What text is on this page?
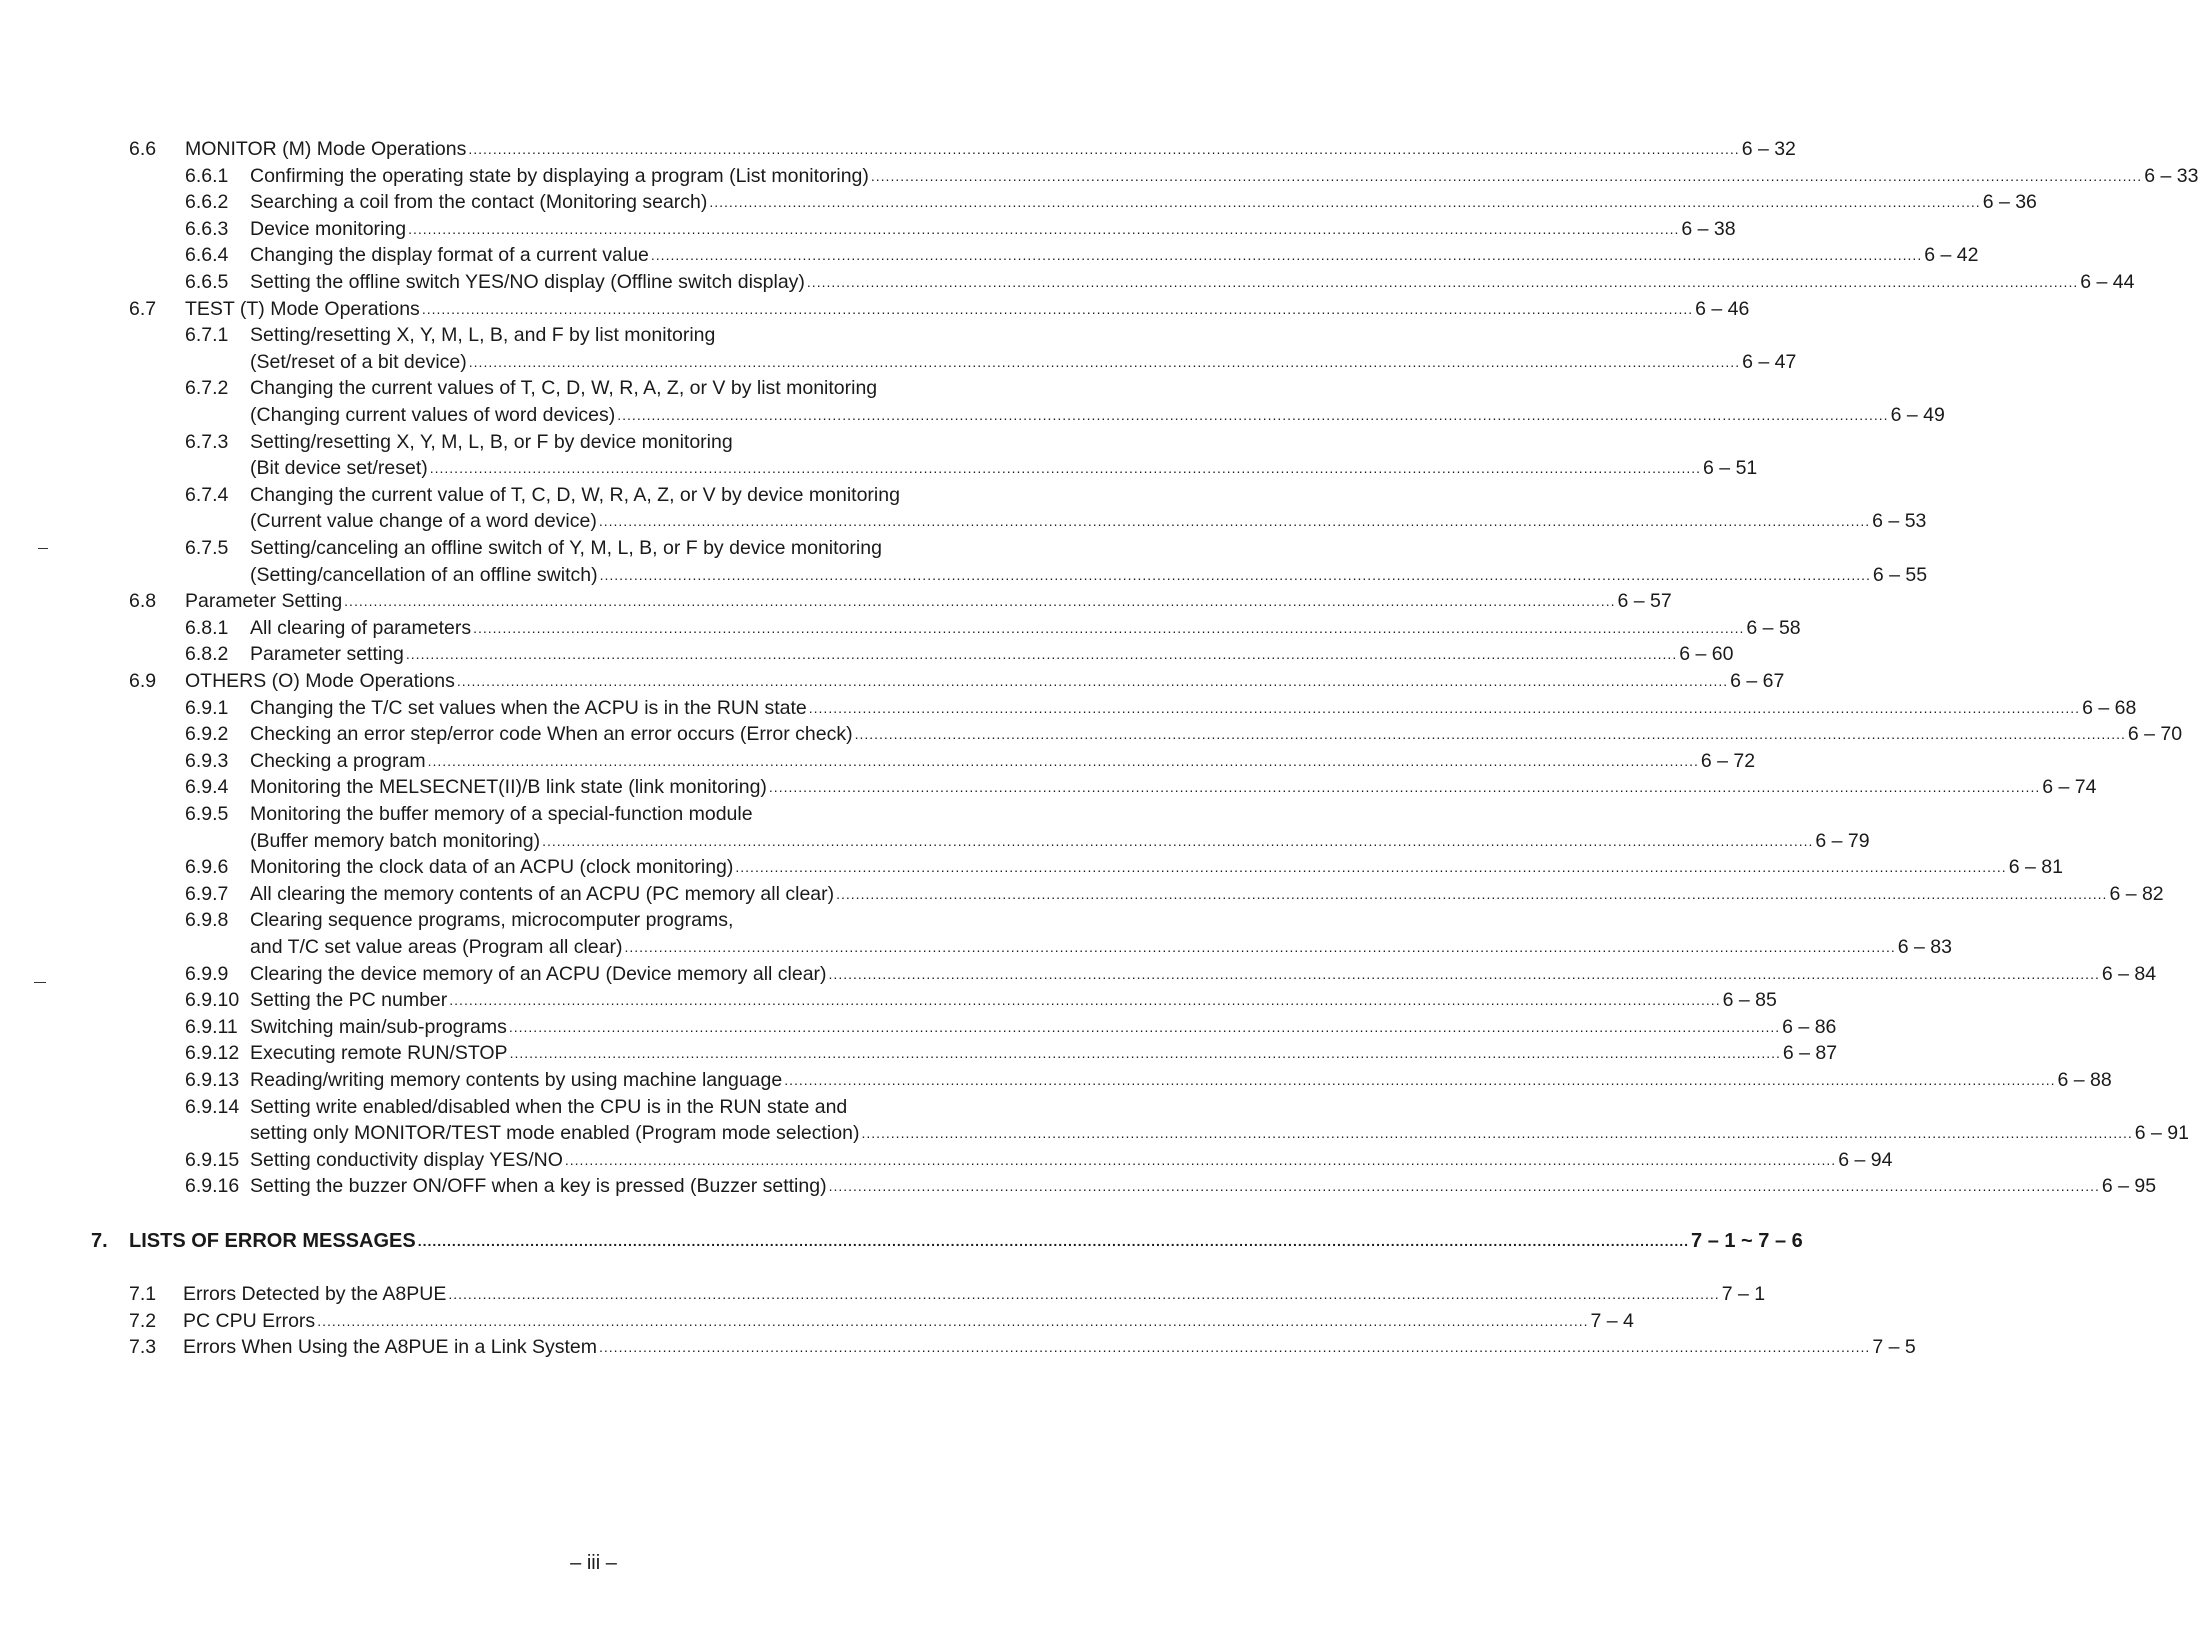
6.6 MONITOR (M) Mode Operations .................................................................................................................................................................................................................................................................... 6 – 32
6.6.1 Confirming the operating state by displaying a program (List monitoring) .................................................................................................................................................................................................................................................................... 6 – 33
6.6.2 Searching a coil from the contact (Monitoring search) .................................................................................................................................................................................................................................................................... 6 – 36
6.6.3 Device monitoring .................................................................................................................................................................................................................................................................... 6 – 38
6.6.4 Changing the display format of a current value .................................................................................................................................................................................................................................................................... 6 – 42
6.6.5 Setting the offline switch YES/NO display (Offline switch display) .................................................................................................................................................................................................................................................................... 6 – 44
6.7 TEST (T) Mode Operations .................................................................................................................................................................................................................................................................... 6 – 46
6.7.1 Setting/resetting X, Y, M, L, B, and F by list monitoring
(Set/reset of a bit device) .................................................................................................................................................................................................................................................................... 6 – 47
6.7.2 Changing the current values of T, C, D, W, R, A, Z, or V by list monitoring
(Changing current values of word devices) .................................................................................................................................................................................................................................................................... 6 – 49
6.7.3 Setting/resetting X, Y, M, L, B, or F by device monitoring
(Bit device set/reset) .................................................................................................................................................................................................................................................................... 6 – 51
6.7.4 Changing the current value of T, C, D, W, R, A, Z, or V by device monitoring
(Current value change of a word device) .................................................................................................................................................................................................................................................................... 6 – 53
6.7.5 Setting/canceling an offline switch of Y, M, L, B, or F by device monitoring
(Setting/cancellation of an offline switch) .................................................................................................................................................................................................................................................................... 6 – 55
6.8 Parameter Setting .................................................................................................................................................................................................................................................................... 6 – 57
6.8.1 All clearing of parameters .................................................................................................................................................................................................................................................................... 6 – 58
6.8.2 Parameter setting .................................................................................................................................................................................................................................................................... 6 – 60
6.9 OTHERS (O) Mode Operations .................................................................................................................................................................................................................................................................... 6 – 67
6.9.1 Changing the T/C set values when the ACPU is in the RUN state .................................................................................................................................................................................................................................................................... 6 – 68
6.9.2 Checking an error step/error code When an error occurs (Error check) .................................................................................................................................................................................................................................................................... 6 – 70
6.9.3 Checking a program .................................................................................................................................................................................................................................................................... 6 – 72
6.9.4 Monitoring the MELSECNET(II)/B link state (link monitoring) .................................................................................................................................................................................................................................................................... 6 – 74
6.9.5 Monitoring the buffer memory of a special-function module
(Buffer memory batch monitoring) .................................................................................................................................................................................................................................................................... 6 – 79
6.9.6 Monitoring the clock data of an ACPU (clock monitoring) .................................................................................................................................................................................................................................................................... 6 – 81
6.9.7 All clearing the memory contents of an ACPU (PC memory all clear) .................................................................................................................................................................................................................................................................... 6 – 82
6.9.8 Clearing sequence programs, microcomputer programs,
and T/C set value areas (Program all clear) .................................................................................................................................................................................................................................................................... 6 – 83
6.9.9 Clearing the device memory of an ACPU (Device memory all clear) .................................................................................................................................................................................................................................................................... 6 – 84
6.9.10 Setting the PC number .................................................................................................................................................................................................................................................................... 6 – 85
6.9.11 Switching main/sub-programs .................................................................................................................................................................................................................................................................... 6 – 86
6.9.12 Executing remote RUN/STOP .................................................................................................................................................................................................................................................................... 6 – 87
6.9.13 Reading/writing memory contents by using machine language .................................................................................................................................................................................................................................................................... 6 – 88
6.9.14 Setting write enabled/disabled when the CPU is in the RUN state and
setting only MONITOR/TEST mode enabled (Program mode selection) .................................................................................................................................................................................................................................................................... 6 – 91
6.9.15 Setting conductivity display YES/NO .................................................................................................................................................................................................................................................................... 6 – 94
6.9.16 Setting the buzzer ON/OFF when a key is pressed (Buzzer setting) .................................................................................................................................................................................................................................................................... 6 – 95
7. LISTS OF ERROR MESSAGES .................................................................................................................................................................................................................................................................... 7 – 1 ~ 7 – 6
7.1 Errors Detected by the A8PUE .................................................................................................................................................................................................................................................................... 7 – 1
7.2 PC CPU Errors .................................................................................................................................................................................................................................................................... 7 – 4
7.3 Errors When Using the A8PUE in a Link System .................................................................................................................................................................................................................................................................... 7 – 5
– iii –
